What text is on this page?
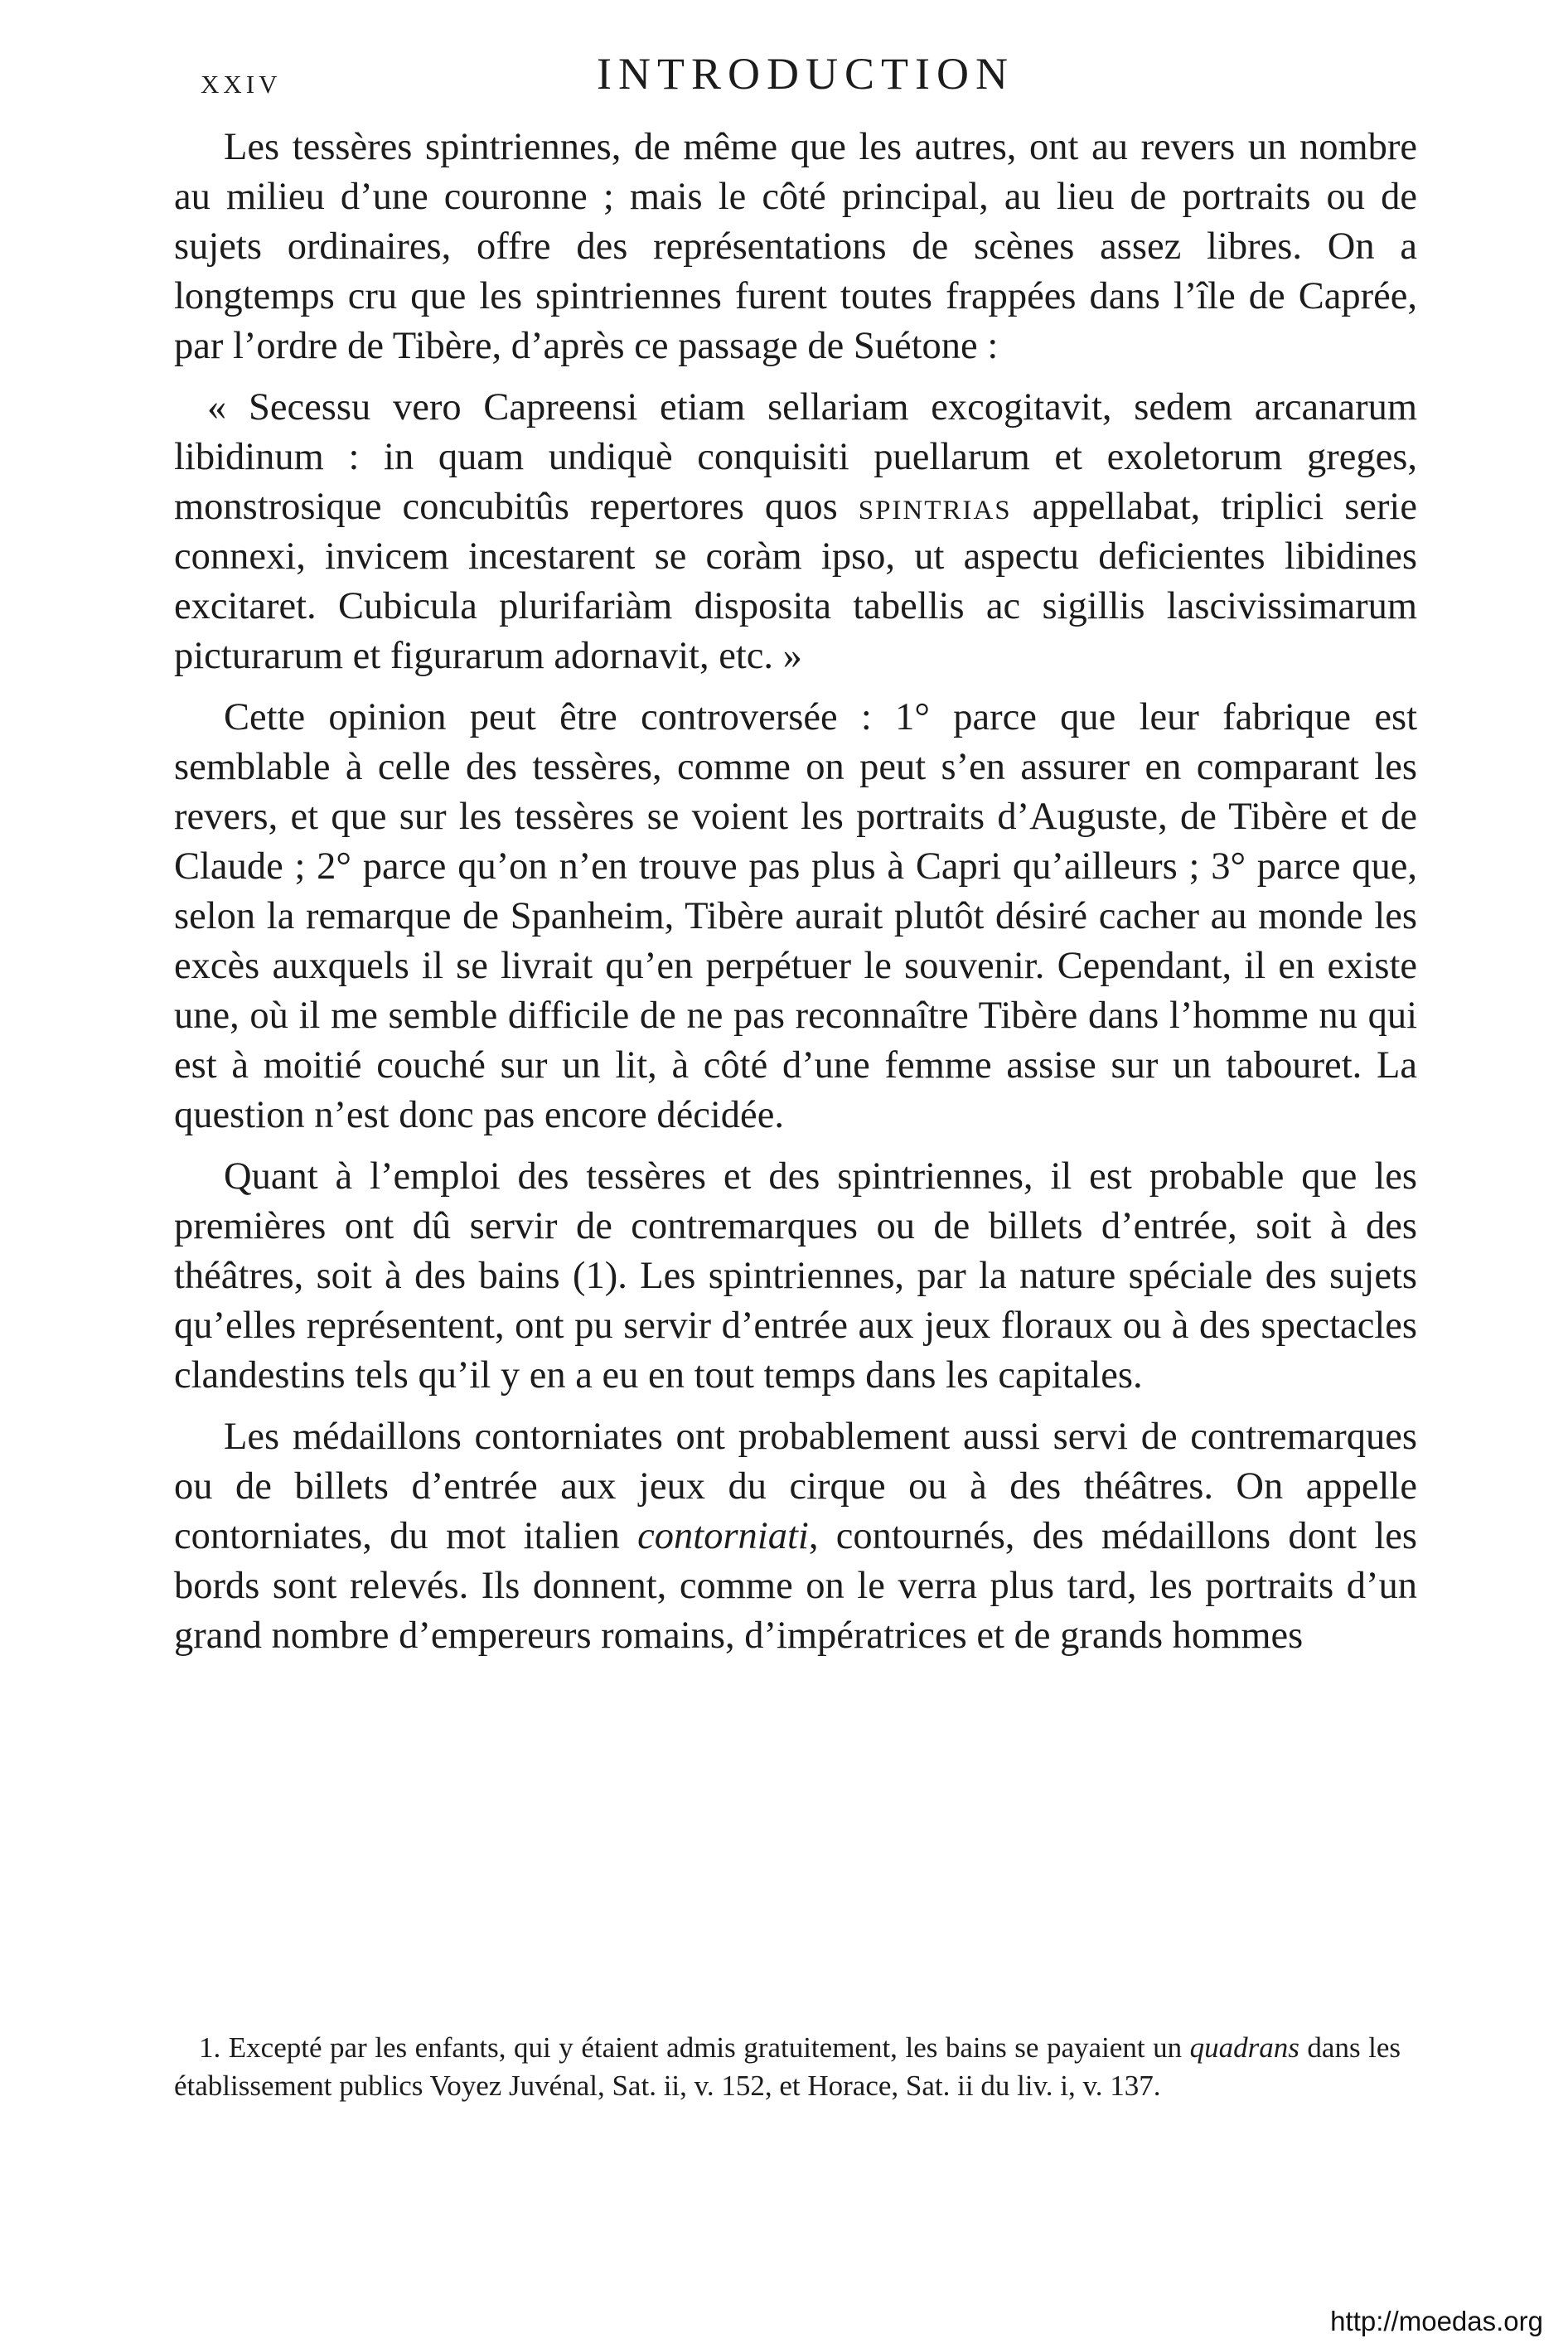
xxiv	INTRODUCTION

Les tessères spintriennes, de même que les autres, ont au revers un nombre au milieu d’une couronne ; mais le côté principal, au lieu de portraits ou de sujets ordinaires, offre des représentations de scènes assez libres. On a longtemps cru que les spintriennes furent toutes frappées dans l’île de Caprée, par l’ordre de Tibère, d’après ce passage de Suétone :

« Secessu vero Capreensi etiam sellariam excogitavit, sedem arcanarum libidinum : in quam undiquè conquisiti puellarum et exoletorum greges, monstrosique concubitûs repertores quos spintrias appellabat, triplici serie connexi, invicem incestarent se coràm ipso, ut aspectu deficientes libidines excitaret. Cubicula plurifariàm disposita tabellis ac sigillis lascivissimarum picturarum et figurarum adornavit, etc. »

Cette opinion peut être controversée : 1° parce que leur fabrique est semblable à celle des tessères, comme on peut s’en assurer en comparant les revers, et que sur les tessères se voient les portraits d’Auguste, de Tibère et de Claude ; 2° parce qu’on n’en trouve pas plus à Capri qu’ailleurs ; 3° parce que, selon la remarque de Spanheim, Tibère aurait plutôt désiré cacher au monde les excès auxquels il se livrait qu’en perpétuer le souvenir. Cependant, il en existe une, où il me semble difficile de ne pas reconnaître Tibère dans l’homme nu qui est à moitié couché sur un lit, à côté d’une femme assise sur un tabouret. La question n’est donc pas encore décidée.

Quant à l’emploi des tessères et des spintriennes, il est probable que les premières ont dû servir de contremarques ou de billets d’entrée, soit à des théâtres, soit à des bains (1). Les spintriennes, par la nature spéciale des sujets qu’elles représentent, ont pu servir d’entrée aux jeux floraux ou à des spectacles clandestins tels qu’il y en a eu en tout temps dans les capitales.

Les médaillons contorniates ont probablement aussi servi de contremarques ou de billets d’entrée aux jeux du cirque ou à des théâtres. On appelle contorniates, du mot italien contorniati, contournés, des médaillons dont les bords sont relevés. Ils donnent, comme on le verra plus tard, les portraits d’un grand nombre d’empereurs romains, d’impératrices et de grands hommes

1. Excepté par les enfants, qui y étaient admis gratuitement, les bains se payaient un quadrans dans les établissement publics Voyez Juvénal, Sat. ii, v. 152, et Horace, Sat. ii du liv. i, v. 137.

http://moedas.org
